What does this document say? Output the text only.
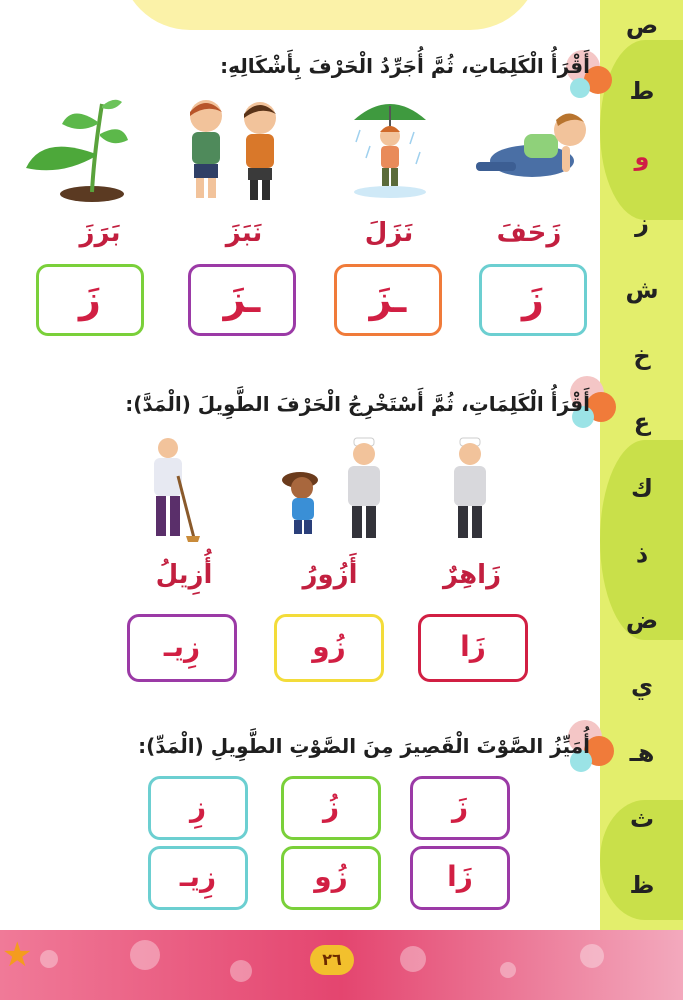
ص
ط
و
ز
ش
خ
ع
ك
ذ
ض
ي
هـ
ث
ظ
أَقْرَأُ الْكَلِمَاتِ، ثُمَّ أُجَرِّدُ الْحَرْفَ بِأَشْكَالِهِ:
زَحَفَ
نَزَلَ
نَبَزَ
بَرَزَ
زَ
ـزَ
ـزَ
زَ
أَقْرَأُ الْكَلِمَاتِ، ثُمَّ أَسْتَخْرِجُ الْحَرْفَ الطَّوِيلَ (الْمَدَّ):
زَاهِرٌ
أَزُورُ
أُزِيلُ
زَا
زُو
زِيـ
أُمَيِّزُ الصَّوْتَ الْقَصِيرَ مِنَ الصَّوْتِ الطَّوِيلِ (الْمَدِّ):
زَ
زُ
زِ
زَا
زُو
زِيـ
★	٢٦
